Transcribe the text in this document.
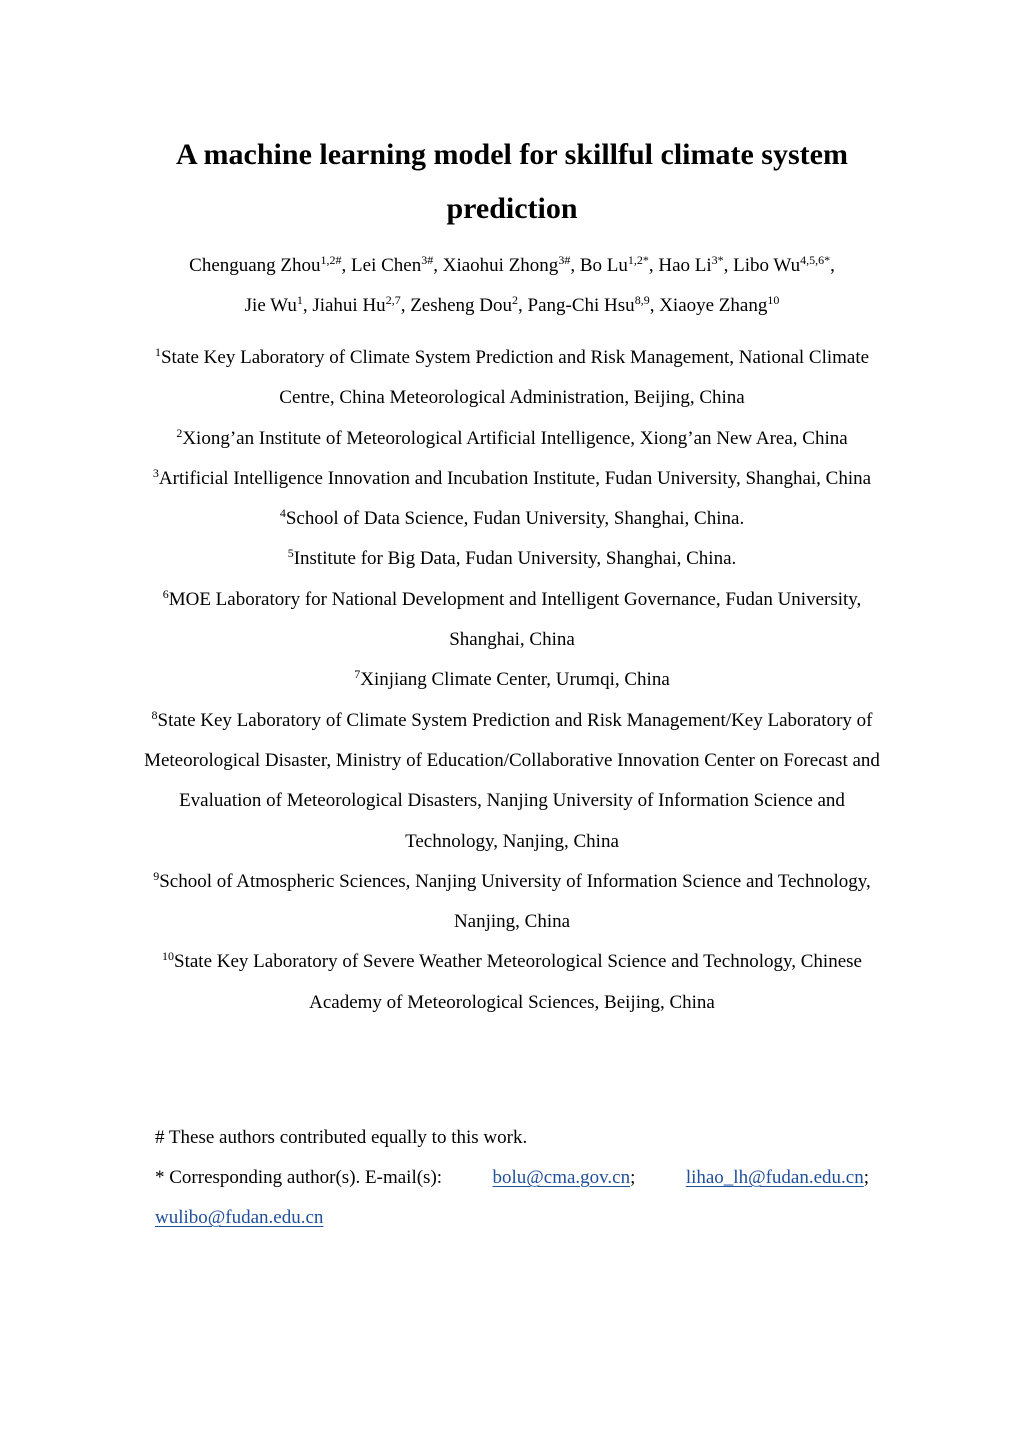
A machine learning model for skillful climate system
prediction
Chenguang Zhou$^{1,2\#}$, Lei Chen$^{3\#}$, Xiaohui Zhong$^{3\#}$, Bo $Lu^{1,2*}$, Hao $Li^{3*}$, Libo $Wu^{4,5,6*}$,
Jie Wu$^1$, Jiahui Hu$^{2,7}$, Zesheng Dou$^2$, Pang-Chi Hsu$^{8,9}$, Xiaoye Zhang$^{10}$

$^1$State Key Laboratory of Climate System Prediction and Risk Management, National Climate Centre, China Meteorological Administration, Beijing, China

$^2$Xiong’an Institute of Meteorological Artificial Intelligence, Xiong’an New Area, China

$^3$Artificial Intelligence Innovation and Incubation Institute, Fudan University, Shanghai, China

$^4$School of Data Science, Fudan University, Shanghai, China.

$^5$Institute for Big Data, Fudan University, Shanghai, China.

$^6$MOE Laboratory for National Development and Intelligent Governance, Fudan University, Shanghai, China

$^7$Xinjiang Climate Center, Urumqi, China

$^8$State Key Laboratory of Climate System Prediction and Risk Management/Key Laboratory of Meteorological Disaster, Ministry of Education/Collaborative Innovation Center on Forecast and Evaluation of Meteorological Disasters, Nanjing University of Information Science and Technology, Nanjing, China

$^9$School of Atmospheric Sciences, Nanjing University of Information Science and Technology, Nanjing, China

$^{10}$State Key Laboratory of Severe Weather Meteorological Science and Technology, Chinese Academy of Meteorological Sciences, Beijing, China

# These authors contributed equally to this work.

* Corresponding author(s). E-mail(s):	bolu@cma.gov.cn;	lihao_lh@fudan.edu.cn;
wulibo@fudan.edu.cn
